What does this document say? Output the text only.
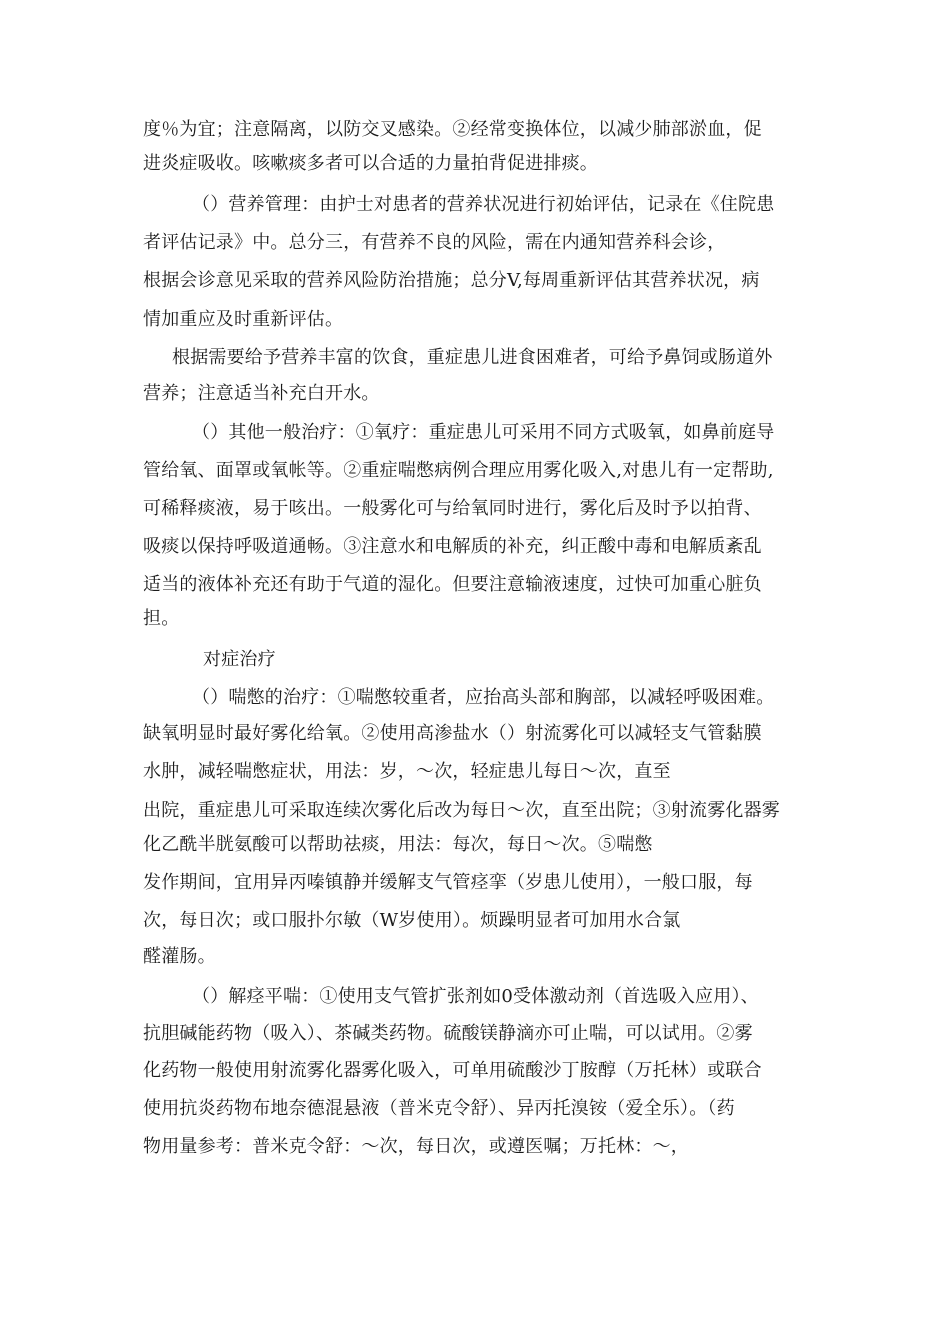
度％为宜；注意隔离，以防交叉感染。②经常变换体位，以减少肺部淤血，促
进炎症吸收。咳嗽痰多者可以合适的力量拍背促进排痰。
（）营养管理：由护士对患者的营养状况进行初始评估，记录在《住院患
者评估记录》中。总分三，有营养不良的风险，需在内通知营养科会诊，
根据会诊意见采取的营养风险防治措施；总分V,每周重新评估其营养状况，病
情加重应及时重新评估。
根据需要给予营养丰富的饮食，重症患儿进食困难者，可给予鼻饲或肠道外
营养；注意适当补充白开水。
（）其他一般治疗：①氧疗：重症患儿可采用不同方式吸氧，如鼻前庭导
管给氧、面罩或氧帐等。②重症喘憋病例合理应用雾化吸入,对患儿有一定帮助,
可稀释痰液，易于咳出。一般雾化可与给氧同时进行，雾化后及时予以拍背、
吸痰以保持呼吸道通畅。③注意水和电解质的补充，纠正酸中毒和电解质紊乱
适当的液体补充还有助于气道的湿化。但要注意输液速度，过快可加重心脏负
担。
对症治疗
（）喘憋的治疗：①喘憋较重者，应抬高头部和胸部，以减轻呼吸困难。
缺氧明显时最好雾化给氧。②使用高渗盐水（）射流雾化可以减轻支气管黏膜
水肿，减轻喘憋症状，用法：岁，〜次，轻症患儿每日〜次，直至
出院，重症患儿可采取连续次雾化后改为每日〜次，直至出院；③射流雾化器雾
化乙酰半胱氨酸可以帮助祛痰，用法：每次，每日〜次。⑤喘憋
发作期间，宜用异丙嗪镇静并缓解支气管痉挛（岁患儿使用），一般口服，每
次，每日次；或口服扑尔敏（W岁使用）。烦躁明显者可加用水合氯
醛灌肠。
（）解痉平喘：①使用支气管扩张剂如0受体激动剂（首选吸入应用）、
抗胆碱能药物（吸入）、茶碱类药物。硫酸镁静滴亦可止喘，可以试用。②雾
化药物一般使用射流雾化器雾化吸入，可单用硫酸沙丁胺醇（万托林）或联合
使用抗炎药物布地奈德混悬液（普米克令舒）、异丙托溴铵（爱全乐）。（药
物用量参考：普米克令舒：〜次，每日次，或遵医嘱；万托林：〜，
